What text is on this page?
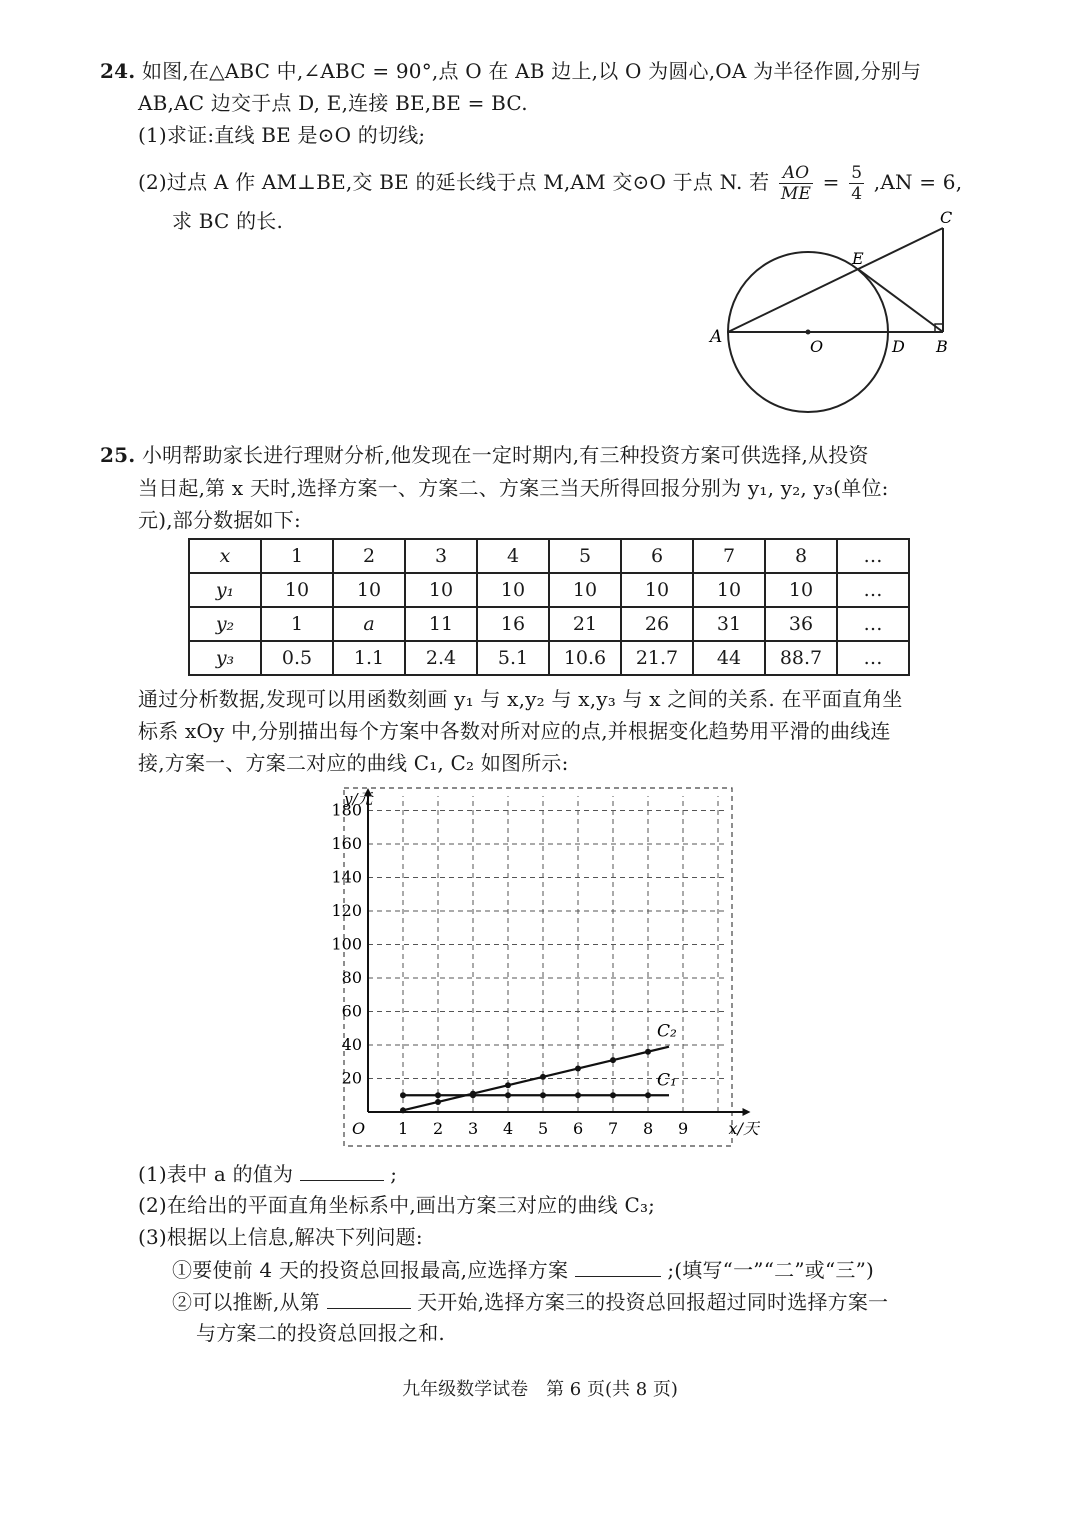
24. 如图,在△ABC 中,∠ABC = 90°,点 O 在 AB 边上,以 O 为圆心,OA 为半径作圆,分别与
AB,AC 边交于点 D, E,连接 BE,BE = BC.
(1)求证:直线 BE 是⊙O 的切线;
(2)过点 A 作 AM⊥BE,交 BE 的延长线于点 M,AM 交⊙O 于点 N. 若 $\frac{AO}{ME} = \frac{5}{4} ,AN = 6$,
求 BC 的长.
A	O	D B
E
C
25. 小明帮助家长进行理财分析,他发现在一定时期内,有三种投资方案可供选择,从投资
当日起,第 x 天时,选择方案一、方案二、方案三当天所得回报分别为 y₁, y₂, y₃(单位:
元),部分数据如下:
x	1	2	3	4	5	6	7	8	…
y₁	10	10	10	10	10	10	10	10	…
y₂	1	a	11	16	21	26	31	36	…
y₃	0.5	1.1	2.4	5.1	10.6	21.7	44	88.7	…
通过分析数据,发现可以用函数刻画 y₁ 与 x,y₂ 与 x,y₃ 与 x 之间的关系. 在平面直角坐
标系 xOy 中,分别描出每个方案中各数对所对应的点,并根据变化趋势用平滑的曲线连
接,方案一、方案二对应的曲线 C₁, C₂ 如图所示:
1 2 3 4 5 6 7 8 9
20
40
60
80
100
120
140
160
180
O	x/天
y/元
C₁
C₂
(1)表中 a 的值为	;
(2)在给出的平面直角坐标系中,画出方案三对应的曲线 C₃;
(3)根据以上信息,解决下列问题:
①要使前 4 天的投资总回报最高,应选择方案	;(填写“一”“二”或“三”)
②可以推断,从第	天开始,选择方案三的投资总回报超过同时选择方案一
与方案二的投资总回报之和.
九年级数学试卷　第 6 页(共 8 页)
